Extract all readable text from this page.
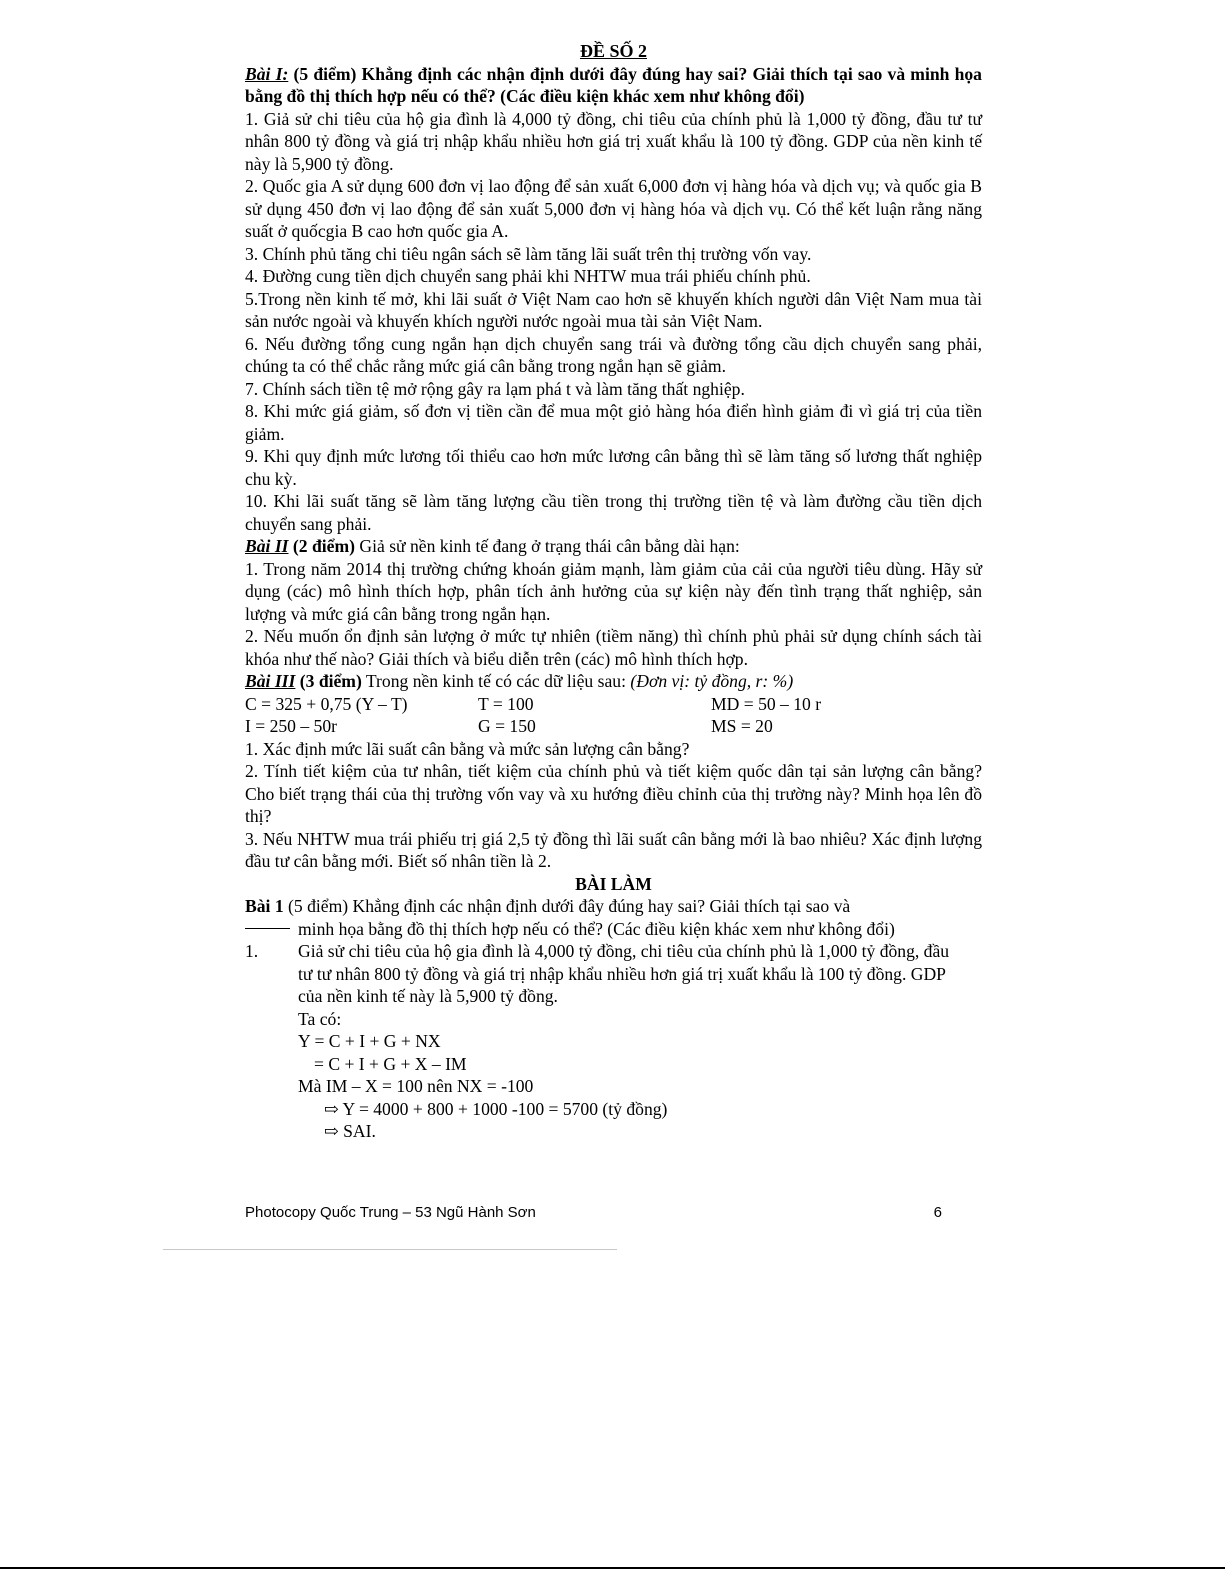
ĐỀ SỐ 2

Bài I: (5 điểm) Khẳng định các nhận định dưới đây đúng hay sai? Giải thích tại sao và minh họa bằng đồ thị thích hợp nếu có thể? (Các điều kiện khác xem như không đổi)

1. Giả sử chi tiêu của hộ gia đình là 4,000 tỷ đồng, chi tiêu của chính phủ là 1,000 tỷ đồng, đầu tư tư nhân 800 tỷ đồng và giá trị nhập khẩu nhiều hơn giá trị xuất khẩu là 100 tỷ đồng. GDP của nền kinh tế này là 5,900 tỷ đồng.

2. Quốc gia A sử dụng 600 đơn vị lao động để sản xuất 6,000 đơn vị hàng hóa và dịch vụ; và quốc gia B sử dụng 450 đơn vị lao động để sản xuất 5,000 đơn vị hàng hóa và dịch vụ. Có thể kết luận rằng năng suất ở quốcgia B cao hơn quốc gia A.

3. Chính phủ tăng chi tiêu ngân sách sẽ làm tăng lãi suất trên thị trường vốn vay.

4. Đường cung tiền dịch chuyển sang phải khi NHTW mua trái phiếu chính phủ.

5.Trong nền kinh tế mở, khi lãi suất ở Việt Nam cao hơn sẽ khuyến khích người dân Việt Nam mua tài sản nước ngoài và khuyến khích người nước ngoài mua tài sản Việt Nam.

6. Nếu đường tổng cung ngắn hạn dịch chuyển sang trái và đường tổng cầu dịch chuyển sang phải, chúng ta có thể chắc rằng mức giá cân bằng trong ngắn hạn sẽ giảm.

7. Chính sách tiền tệ mở rộng gây ra lạm phá t và làm tăng thất nghiệp.

8. Khi mức giá giảm, số đơn vị tiền cần để mua một giỏ hàng hóa điển hình giảm đi vì giá trị của tiền giảm.

9. Khi quy định mức lương tối thiểu cao hơn mức lương cân bằng thì sẽ làm tăng số lương thất nghiệp chu kỳ.

10. Khi lãi suất tăng sẽ làm tăng lượng cầu tiền trong thị trường tiền tệ và làm đường cầu tiền dịch chuyển sang phải.

Bài II (2 điểm) Giả sử nền kinh tế đang ở trạng thái cân bằng dài hạn:

1. Trong năm 2014 thị trường chứng khoán giảm mạnh, làm giảm của cải của người tiêu dùng. Hãy sử dụng (các) mô hình thích hợp, phân tích ảnh hưởng của sự kiện này đến tình trạng thất nghiệp, sản lượng và mức giá cân bằng trong ngắn hạn.

2. Nếu muốn ổn định sản lượng ở mức tự nhiên (tiềm năng) thì chính phủ phải sử dụng chính sách tài khóa như thế nào? Giải thích và biểu diễn trên (các) mô hình thích hợp.

Bài III (3 điểm) Trong nền kinh tế có các dữ liệu sau: (Đơn vị: tỷ đồng, r: %)

C = 325 + 0,75 (Y – T)	T = 100	MD = 50 – 10 r
I = 250 – 50r	G = 150	MS = 20

1. Xác định mức lãi suất cân bằng và mức sản lượng cân bằng?

2. Tính tiết kiệm của tư nhân, tiết kiệm của chính phủ và tiết kiệm quốc dân tại sản lượng cân bằng? Cho biết trạng thái của thị trường vốn vay và xu hướng điều chỉnh của thị trường này? Minh họa lên đồ thị?

3. Nếu NHTW mua trái phiếu trị giá 2,5 tỷ đồng thì lãi suất cân bằng mới là bao nhiêu? Xác định lượng đầu tư cân bằng mới. Biết số nhân tiền là 2.

BÀI LÀM

Bài 1 (5 điểm) Khẳng định các nhận định dưới đây đúng hay sai? Giải thích tại sao và

minh họa bằng đồ thị thích hợp nếu có thể? (Các điều kiện khác xem như không đổi)

1. Giả sử chi tiêu của hộ gia đình là 4,000 tỷ đồng, chi tiêu của chính phủ là 1,000 tỷ đồng, đầu tư tư nhân 800 tỷ đồng và giá trị nhập khẩu nhiều hơn giá trị xuất khẩu là 100 tỷ đồng. GDP của nền kinh tế này là 5,900 tỷ đồng.

Ta có:

Y = C + I + G + NX

= C + I + G + X – IM

Mà IM – X = 100 nên NX = -100

⇨ Y = 4000 + 800 + 1000 -100 = 5700 (tỷ đồng)

⇨ SAI.

Photocopy Quốc Trung – 53 Ngũ Hành Sơn	6
